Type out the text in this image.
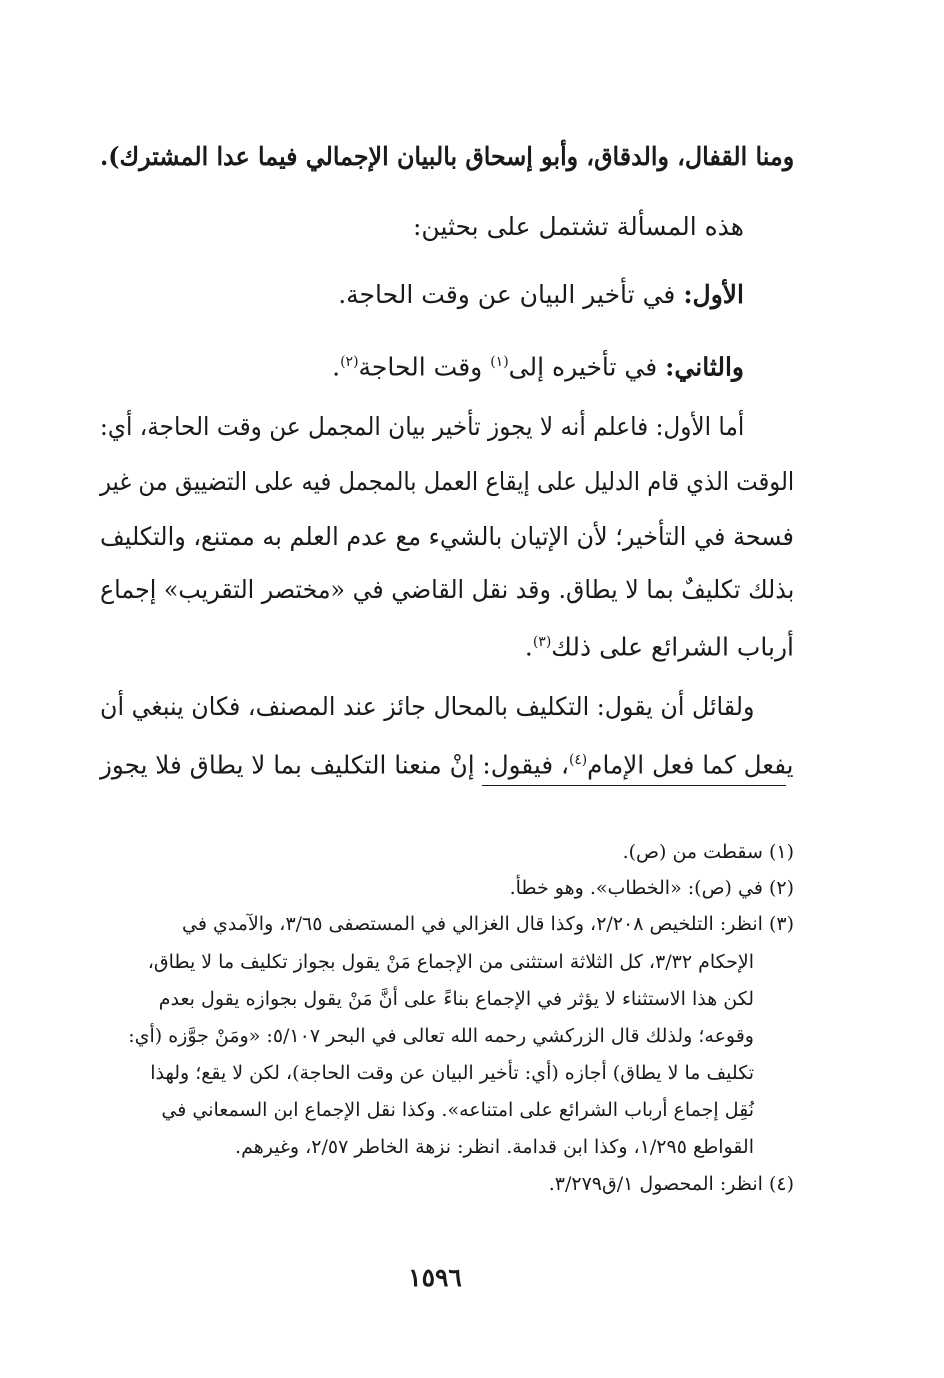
ومنا القفال، والدقاق، وأبو إسحاق بالبيان الإجمالي فيما عدا المشترك).
هذه المسألة تشتمل على بحثين:
الأول: في تأخير البيان عن وقت الحاجة.
والثاني: في تأخيره إلى$^{(١)}$ وقت الحاجة$^{(٢)}$.
أما الأول: فاعلم أنه لا يجوز تأخير بيان المجمل عن وقت الحاجة، أي:
الوقت الذي قام الدليل على إيقاع العمل بالمجمل فيه على التضييق من غير
فسحة في التأخير؛ لأن الإتيان بالشيء مع عدم العلم به ممتنع، والتكليف
بذلك تكليفٌ بما لا يطاق. وقد نقل القاضي في «مختصر التقريب» إجماع
أرباب الشرائع على ذلك$^{(٣)}$.
ولقائل أن يقول: التكليف بالمحال جائز عند المصنف، فكان ينبغي أن
يفعل كما فعل الإمام$^{(٤)}$، فيقول: إنْ منعنا التكليف بما لا يطاق فلا يجوز
(١) سقطت من (ص).
(٢) في (ص): «الخطاب». وهو خطأ.
(٣) انظر: التلخيص ٢/٢٠٨، وكذا قال الغزالي في المستصفى ٣/٦٥، والآمدي في
الإحكام ٣/٣٢، كل الثلاثة استثنى من الإجماع مَنْ يقول بجواز تكليف ما لا يطاق،
لكن هذا الاستثناء لا يؤثر في الإجماع بناءً على أنَّ مَنْ يقول بجوازه يقول بعدم
وقوعه؛ ولذلك قال الزركشي رحمه الله تعالى في البحر ٥/١٠٧: «ومَنْ جوَّزه (أي:
تكليف ما لا يطاق) أجازه (أي: تأخير البيان عن وقت الحاجة)، لكن لا يقع؛ ولهذا
نُقِل إجماع أرباب الشرائع على امتناعه». وكذا نقل الإجماع ابن السمعاني في
القواطع ١/٢٩٥، وكذا ابن قدامة. انظر: نزهة الخاطر ٢/٥٧، وغيرهم.
(٤) انظر: المحصول ١/ق٣/٢٧٩.
١٥٩٦
